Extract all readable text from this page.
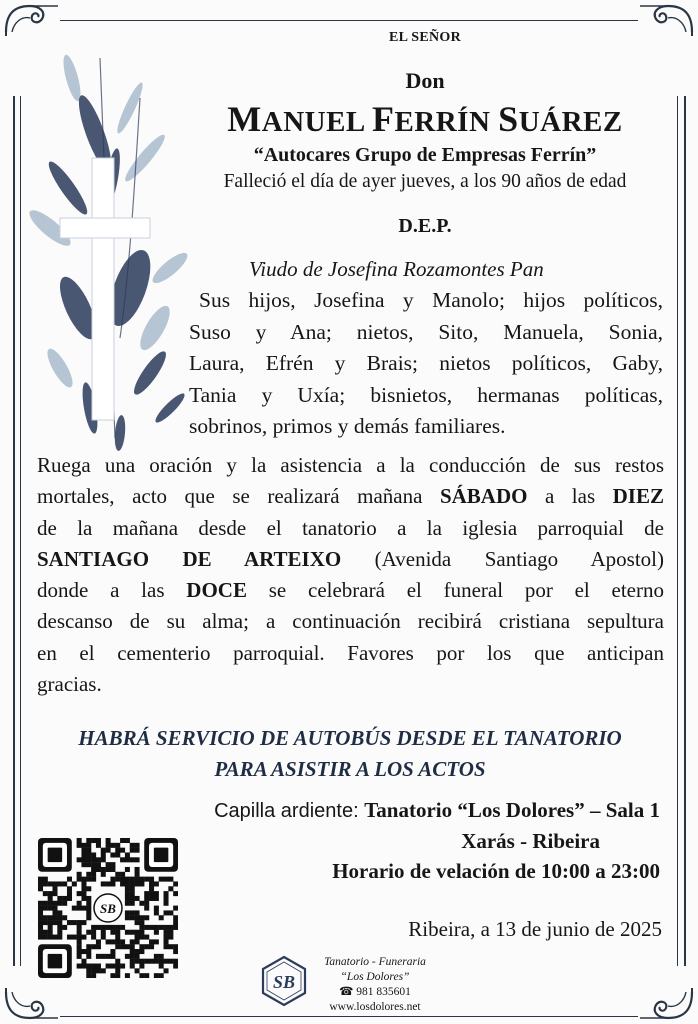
EL SEÑOR
Don
MANUEL FERRÍN SUÁREZ
“Autocares Grupo de Empresas Ferrín”
Falleció el día de ayer jueves, a los 90 años de edad
D.E.P.
Viudo de Josefina Rozamontes Pan
Sus hijos, Josefina y Manolo; hijos políticos,
Suso y Ana; nietos, Sito, Manuela, Sonia,
Laura, Efrén y Brais; nietos políticos, Gaby,
Tania y Uxía; bisnietos, hermanas políticas,
sobrinos, primos y demás familiares.
Ruega una oración y la asistencia a la conducción de sus restos
mortales, acto que se realizará mañana SÁBADO a las DIEZ
de la mañana desde el tanatorio a la iglesia parroquial de
SANTIAGO DE ARTEIXO (Avenida Santiago Apostol)
donde a las DOCE se celebrará el funeral por el eterno
descanso de su alma; a continuación recibirá cristiana sepultura
en el cementerio parroquial. Favores por los que anticipan
gracias.
HABRÁ SERVICIO DE AUTOBÚS DESDE EL TANATORIO
PARA ASISTIR A LOS ACTOS
Capilla ardiente: Tanatorio “Los Dolores” – Sala 1
Xarás - Ribeira
Horario de velación de 10:00 a 23:00
SB
Ribeira, a 13 de junio de 2025
SB
Tanatorio - Funeraria
“Los Dolores”
☎ 981 835601
www.losdolores.net
